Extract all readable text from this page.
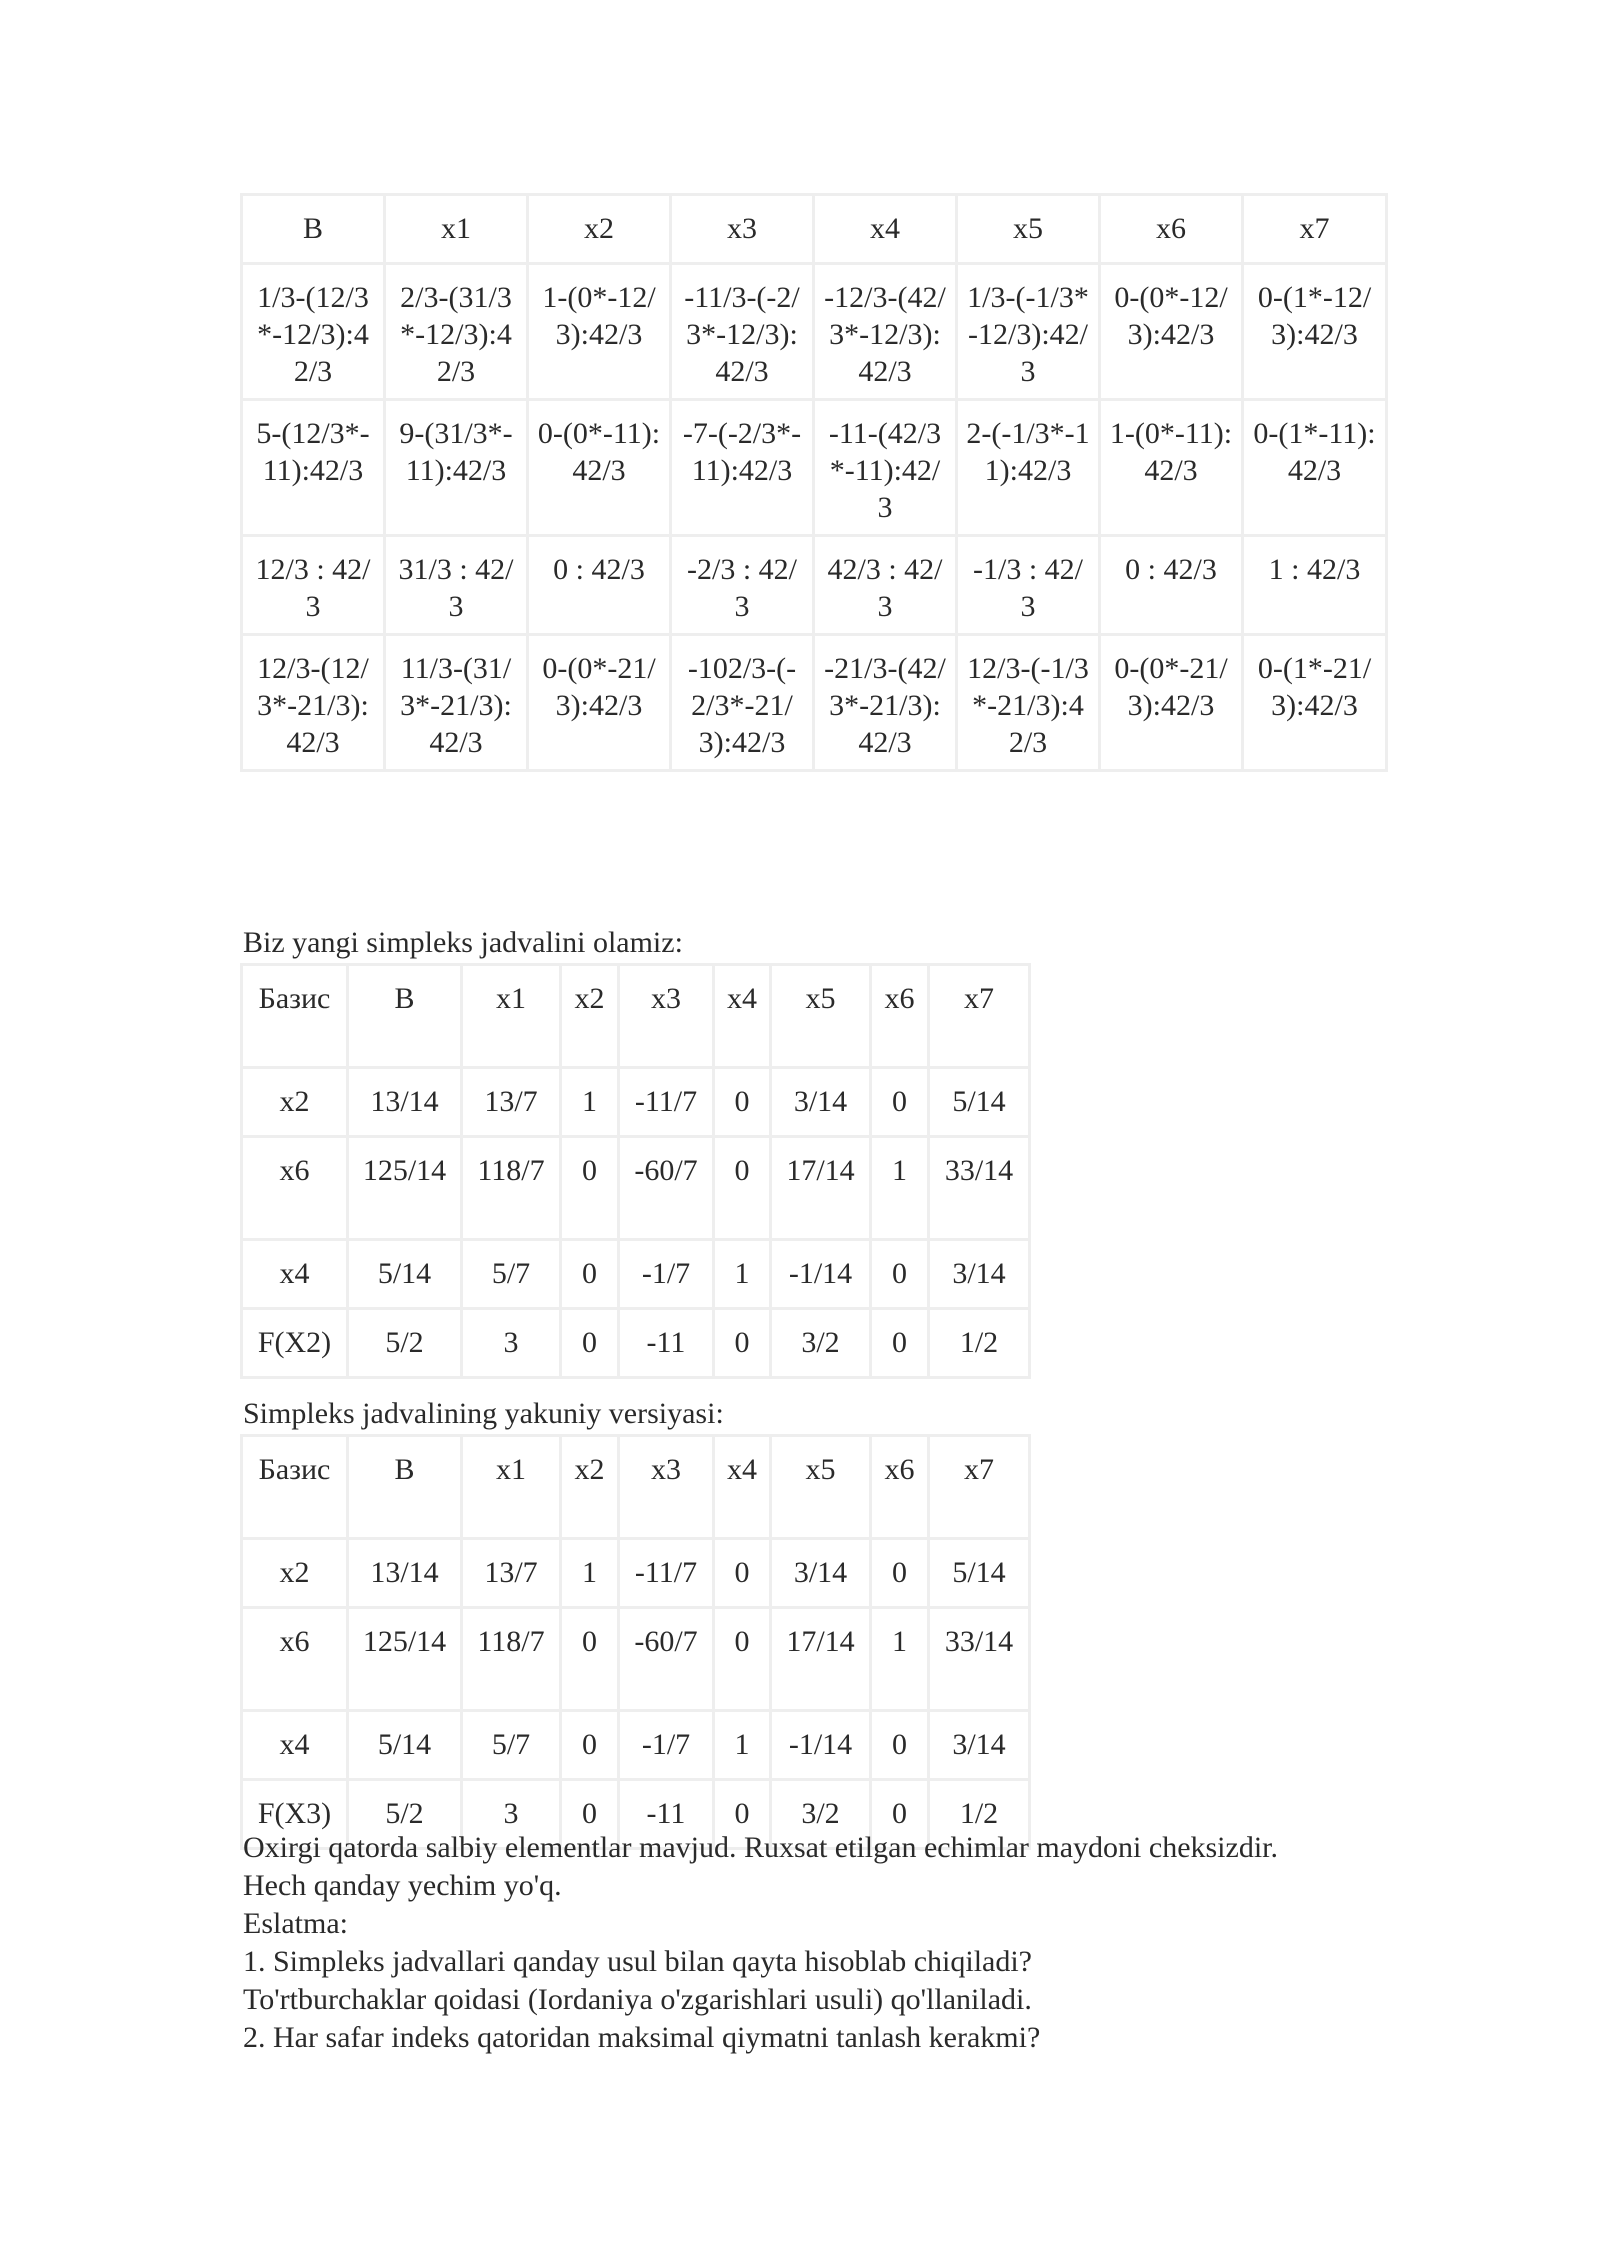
B	x1	x2	x3	x4	x5	x6	x7
1/3-(12/3*-12/3):42/3	2/3-(31/3*-12/3):42/3	1-(0*-12/3):42/3	-11/3-(-2/3*-12/3):42/3	-12/3-(42/3*-12/3):42/3	1/3-(-1/3*-12/3):42/3	0-(0*-12/3):42/3	0-(1*-12/3):42/3
5-(12/3*-11):42/3	9-(31/3*-11):42/3	0-(0*-11):42/3	-7-(-2/3*-11):42/3	-11-(42/3*-11):42/3	2-(-1/3*-11):42/3	1-(0*-11):42/3	0-(1*-11):42/3
12/3 : 42/3	31/3 : 42/3	0 : 42/3	-2/3 : 42/3	42/3 : 42/3	-1/3 : 42/3	0 : 42/3	1 : 42/3
12/3-(12/3*-21/3):42/3	11/3-(31/3*-21/3):42/3	0-(0*-21/3):42/3	-102/3-(-2/3*-21/3):42/3	-21/3-(42/3*-21/3):42/3	12/3-(-1/3*-21/3):42/3	0-(0*-21/3):42/3	0-(1*-21/3):42/3
Biz yangi simpleks jadvalini olamiz:
Базис	B	x1	x2	x3	x4	x5	x6	x7
x2	13/14	13/7	1	-11/7	0	3/14	0	5/14
x6	125/14	118/7	0	-60/7	0	17/14	1	33/14
x4	5/14	5/7	0	-1/7	1	-1/14	0	3/14
F(X2)	5/2	3	0	-11	0	3/2	0	1/2
Simpleks jadvalining yakuniy versiyasi:
Базис	B	x1	x2	x3	x4	x5	x6	x7
x2	13/14	13/7	1	-11/7	0	3/14	0	5/14
x6	125/14	118/7	0	-60/7	0	17/14	1	33/14
x4	5/14	5/7	0	-1/7	1	-1/14	0	3/14
F(X3)	5/2	3	0	-11	0	3/2	0	1/2
Oxirgi qatorda salbiy elementlar mavjud. Ruxsat etilgan echimlar maydoni cheksizdir.
Hech qanday yechim yo'q.
Eslatma:
1. Simpleks jadvallari qanday usul bilan qayta hisoblab chiqiladi?
To'rtburchaklar qoidasi (Iordaniya o'zgarishlari usuli) qo'llaniladi.
2. Har safar indeks qatoridan maksimal qiymatni tanlash kerakmi?
